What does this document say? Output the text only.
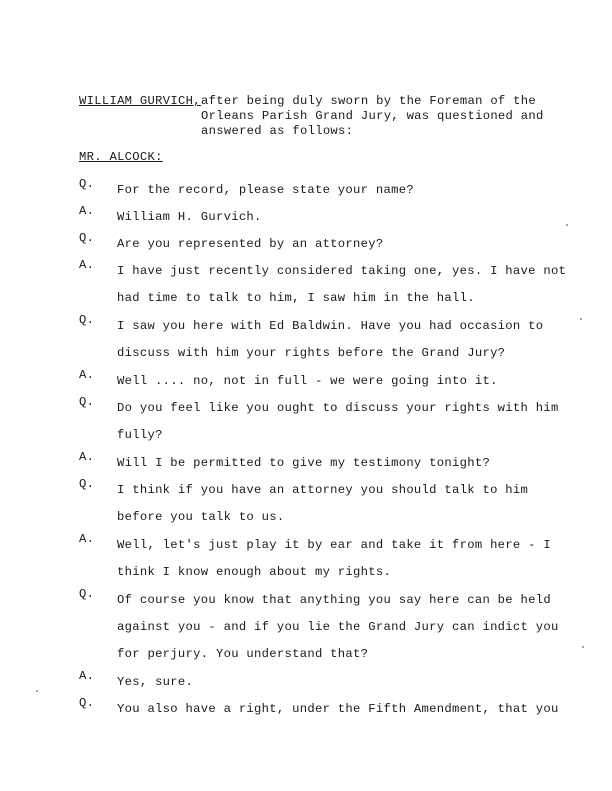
WILLIAM GURVICH, after being duly sworn by the Foreman of the Orleans Parish Grand Jury, was questioned and answered as follows:
MR. ALCOCK:
Q. For the record, please state your name?
A. William H. Gurvich.
Q. Are you represented by an attorney?
A. I have just recently considered taking one, yes. I have not had time to talk to him, I saw him in the hall.
Q. I saw you here with Ed Baldwin. Have you had occasion to discuss with him your rights before the Grand Jury?
A. Well .... no, not in full - we were going into it.
Q. Do you feel like you ought to discuss your rights with him fully?
A. Will I be permitted to give my testimony tonight?
Q. I think if you have an attorney you should talk to him before you talk to us.
A. Well, let's just play it by ear and take it from here - I think I know enough about my rights.
Q. Of course you know that anything you say here can be held against you - and if you lie the Grand Jury can indict you for perjury. You understand that?
A. Yes, sure.
Q. You also have a right, under the Fifth Amendment, that you
